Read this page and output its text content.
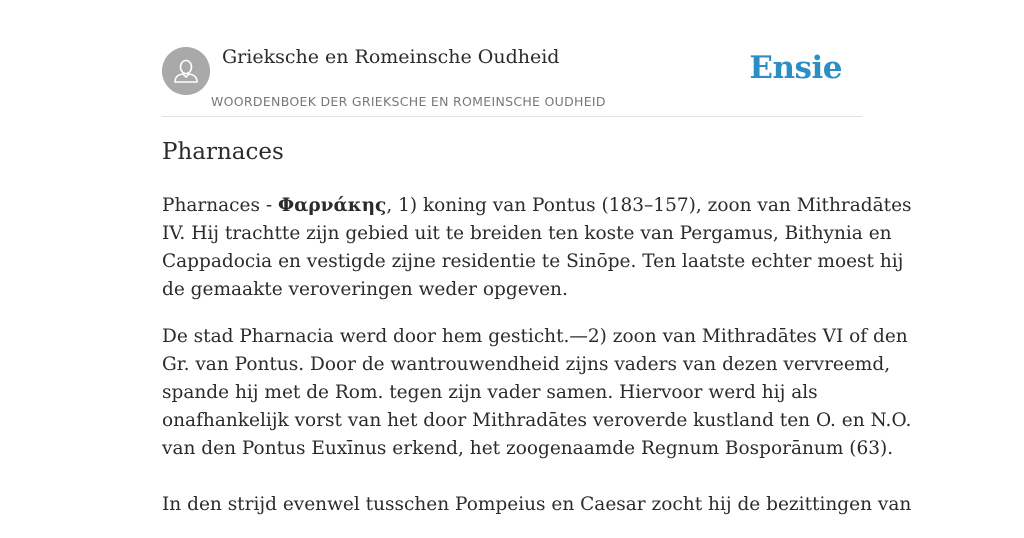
Grieksche en Romeinsche Oudheid
WOORDENBOEK DER GRIEKSCHE EN ROMEINSCHE OUDHEID
Ensie
Pharnaces

Pharnaces - Φαρνάκης, 1) koning van Pontus (183–157), zoon van Mithradātes
IV. Hij trachtte zijn gebied uit te breiden ten koste van Pergamus, Bithynia en
Cappadocia en vestigde zijne residentie te Sinōpe. Ten laatste echter moest hij
de gemaakte veroveringen weder opgeven.

De stad Pharnacia werd door hem gesticht.—2) zoon van Mithradātes VI of den
Gr. van Pontus. Door de wantrouwendheid zijns vaders van dezen vervreemd,
spande hij met de Rom. tegen zijn vader samen. Hiervoor werd hij als
onafhankelijk vorst van het door Mithradātes veroverde kustland ten O. en N.O.
van den Pontus Euxīnus erkend, het zoogenaamde Regnum Bosporānum (63).

In den strijd evenwel tusschen Pompeius en Caesar zocht hij de bezittingen van
